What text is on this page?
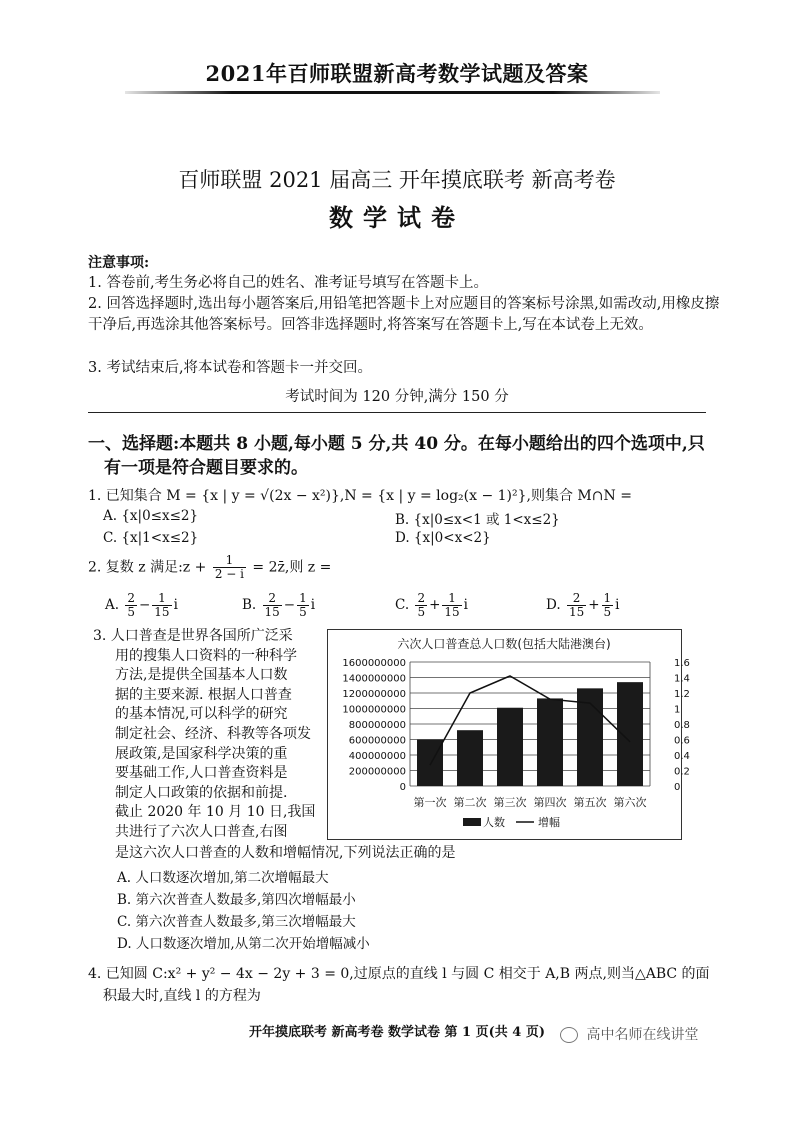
2021年百师联盟新高考数学试题及答案
百师联盟 2021 届高三 开年摸底联考 新高考卷
数学试卷
注意事项:
1. 答卷前,考生务必将自己的姓名、准考证号填写在答题卡上。
2. 回答选择题时,选出每小题答案后,用铅笔把答题卡上对应题目的答案标号涂黑,如需改动,用橡皮擦干净后,再选涂其他答案标号。回答非选择题时,将答案写在答题卡上,写在本试卷上无效。
3. 考试结束后,将本试卷和答题卡一并交回。
考试时间为 120 分钟,满分 150 分
一、选择题:本题共 8 小题,每小题 5 分,共 40 分。在每小题给出的四个选项中,只
有一项是符合题目要求的。
1. 已知集合 M = {x | y = √(2x − x²)},N = {x | y = log₂(x − 1)²},则集合 M∩N =
A. {x|0≤x≤2}	B. {x|0≤x<1 或 1<x≤2}
C. {x|1<x≤2}	D. {x|0<x<2}
2. 复数 z 满足:z + $\frac{1}{2 - i}$ = 2z̄,则 z =
A. $\frac{2}{5} - \frac{1}{15}$ i	B. $\frac{2}{15} - \frac{1}{5}$ i	C. $\frac{2}{5} + \frac{1}{15}$ i	D. $\frac{2}{15} + \frac{1}{5}$ i
3. 人口普查是世界各国所广泛采
用的搜集人口资料的一种科学
方法,是提供全国基本人口数
据的主要来源. 根据人口普查
的基本情况,可以科学的研究
制定社会、经济、科教等各项发
展政策,是国家科学决策的重
要基础工作,人口普查资料是
制定人口政策的依据和前提.
截止 2020 年 10 月 10 日,我国
共进行了六次人口普查,右图
是这六次人口普查的人数和增幅情况,下列说法正确的是
A. 人口数逐次增加,第二次增幅最大
B. 第六次普查人数最多,第四次增幅最小
C. 第六次普查人数最多,第三次增幅最大
D. 人口数逐次增加,从第二次开始增幅减小
六次人口普查总人口数(包括大陆港澳台)
1600000000
1400000000
1200000000
1000000000
800000000
600000000
400000000
200000000
0
1.6
1.4
1.2
1
0.8
0.6
0.4
0.2
0
第一次 第二次 第三次 第四次 第五次 第六次
人数	增幅
4. 已知圆 C:x² + y² − 4x − 2y + 3 = 0,过原点的直线 l 与圆 C 相交于 A,B 两点,则当△ABC 的面
积最大时,直线 l 的方程为
开年摸底联考 新高考卷 数学试卷 第 1 页(共 4 页)	高中名师在线讲堂
